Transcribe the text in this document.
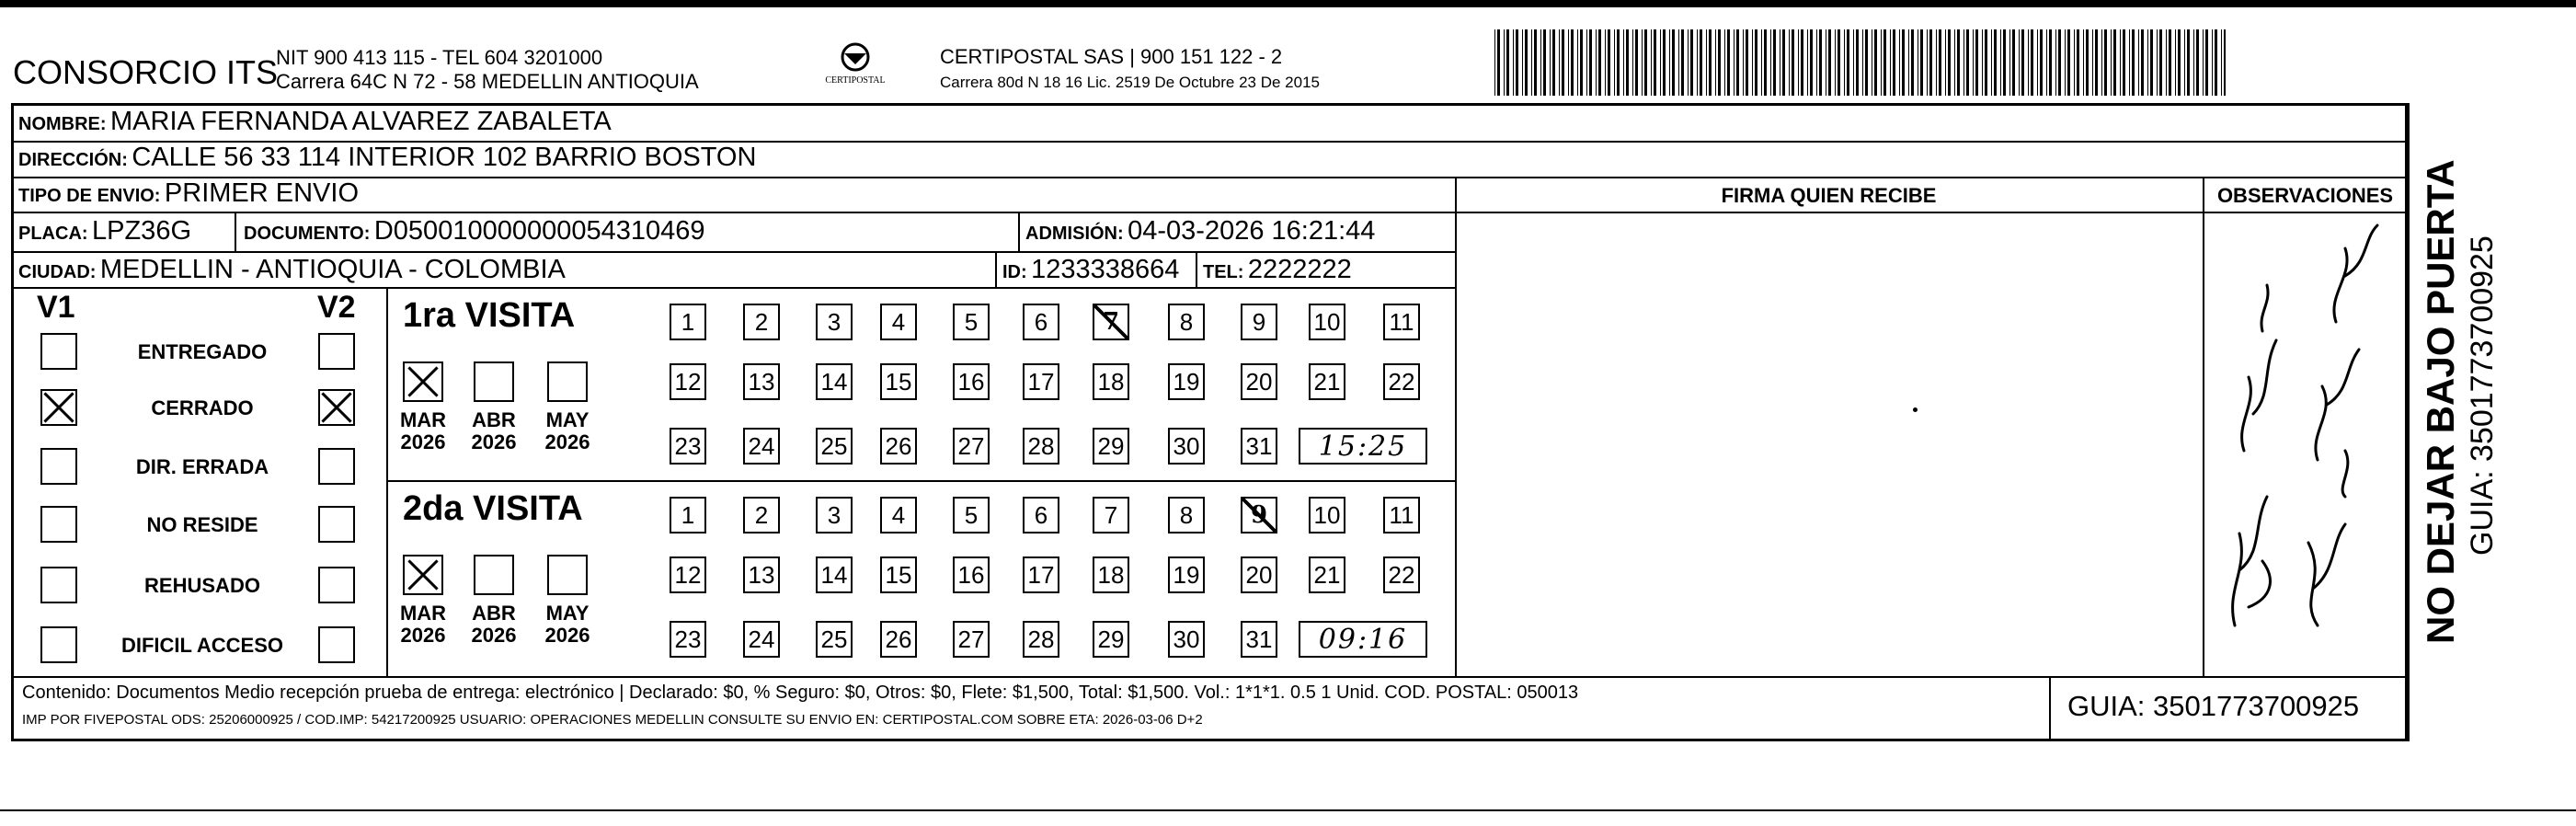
CONSORCIO ITS
NIT 900 413 115 - TEL 604 3201000
Carrera 64C N 72 - 58 MEDELLIN ANTIOQUIA	CERTIPOSTAL
CERTIPOSTAL SAS | 900 151 122 - 2
Carrera 80d N 18 16 Lic. 2519 De Octubre 23 De 2015
NOMBRE: MARIA FERNANDA ALVAREZ ZABALETA
DIRECCIÓN: CALLE 56 33 114 INTERIOR 102 BARRIO BOSTON
TIPO DE ENVIO: PRIMER ENVIO	FIRMA QUIEN RECIBE	OBSERVACIONES
PLACA: LPZ36G	DOCUMENTO: D050010000000054310469	ADMISIÓN: 04-03-2026 16:21:44
CIUDAD: MEDELLIN - ANTIOQUIA - COLOMBIA	ID: 1233338664 TEL: 2222222
V1	V2
ENTREGADO
CERRADO
DIR. ERRADA
NO RESIDE
REHUSADO
DIFICIL ACCESO
1ra VISITA
2da VISITA
MAR
2026
ABR
2026
MAY
2026
1	2	3	4	5	6	7	8	9	10 11
12 13 14 15 16 17 18 19 20 21 22
23 24 25 26 27 28 29 30 31	15:25
MAR
2026
ABR
2026
MAY
2026
1	2	3	4	5	6	7	8	9	10 11
12 13 14 15 16 17 18 19 20 21 22
23 24 25 26 27 28 29 30 31	09:16
Contenido: Documentos Medio recepción prueba de entrega: electrónico | Declarado: $0, % Seguro: $0, Otros: $0, Flete: $1,500, Total: $1,500. Vol.: 1*1*1. 0.5 1 Unid. COD. POSTAL: 050013
IMP POR FIVEPOSTAL ODS: 25206000925 / COD.IMP: 54217200925 USUARIO: OPERACIONES MEDELLIN CONSULTE SU ENVIO EN: CERTIPOSTAL.COM SOBRE ETA: 2026-03-06 D+2	GUIA: 3501773700925
NO DEJAR BAJO PUERTA GUIA: 3501773700925
